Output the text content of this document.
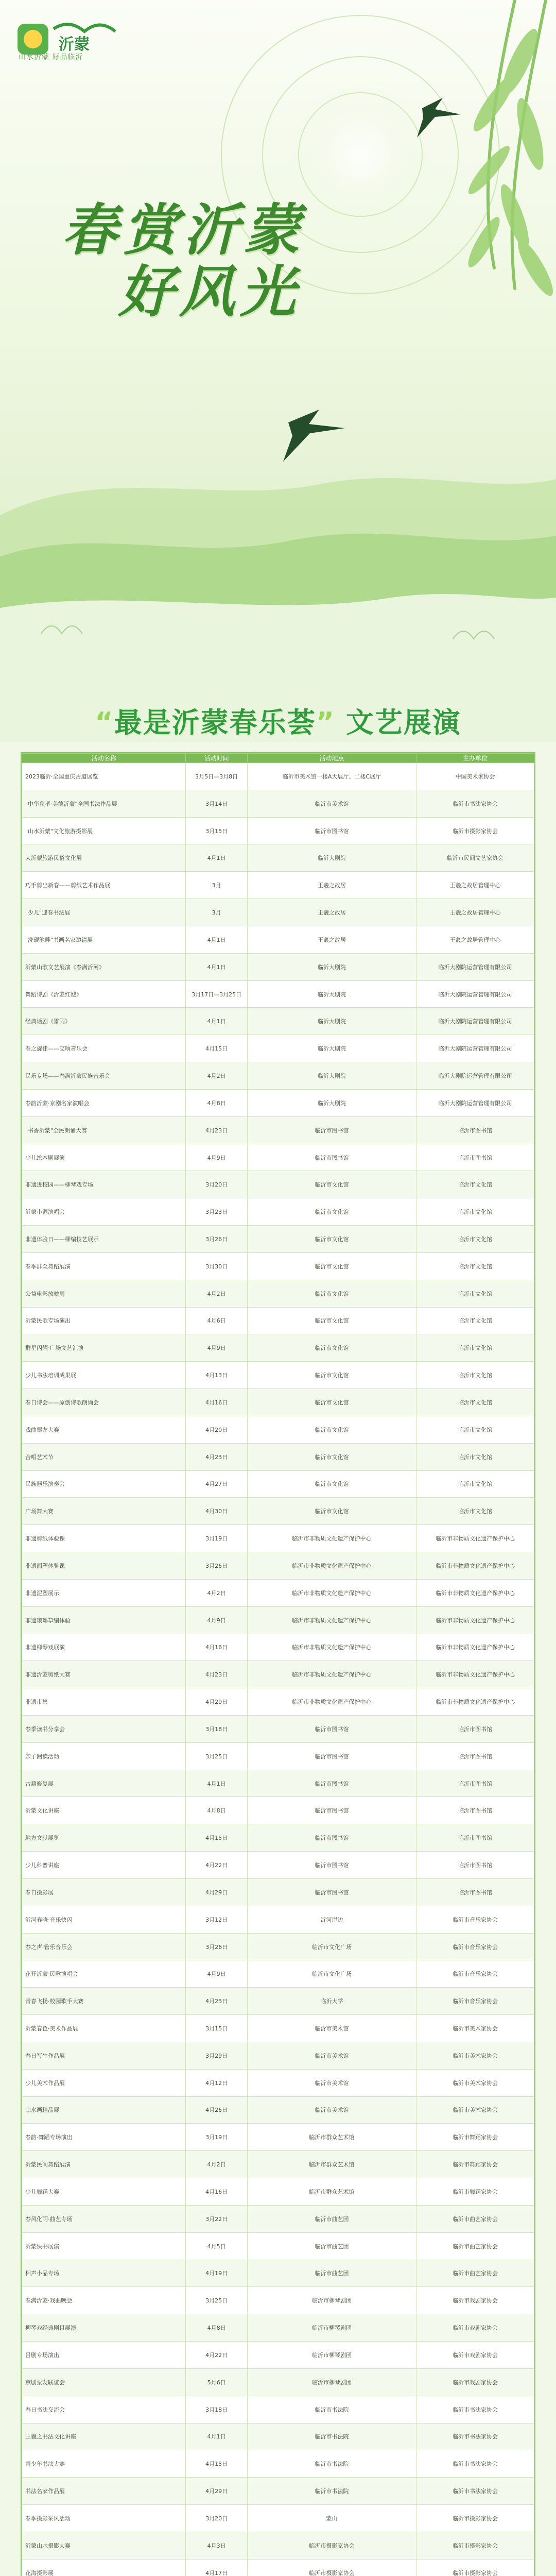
沂蒙
山水沂蒙 好品临沂
春赏沂蒙
好风光
“最是沂蒙春乐荟” 文艺展演
活动名称	活动时间	活动地点	主办单位
2023临沂·全国重庆古道展览	3月5日—3月8日	临沂市美术馆一楼A大展厅、二楼C展厅	中国美术家协会
"中华慈孝·美德沂蒙"全国书法作品展	3月14日	临沂市美术馆	临沂市书法家协会
"山水沂蒙"文化旅游摄影展	3月15日	临沂市图书馆	临沂市摄影家协会
大沂蒙旅游民俗文化展	4月1日	临沂大剧院	临沂市民间文艺家协会
巧手剪出新春——剪纸艺术作品展	3月	王羲之故居	王羲之故居管理中心
"少儿"迎春书法展	3月	王羲之故居	王羲之故居管理中心
"洗砚池畔"书画名家邀请展	4月1日	王羲之故居	王羲之故居管理中心
沂蒙山歌文艺展演《春满沂河》	4月1日	临沂大剧院	临沂大剧院运营管理有限公司
舞蹈诗剧《沂蒙红嫂》	3月17日—3月25日	临沂大剧院	临沂大剧院运营管理有限公司
经典话剧《雷雨》	4月1日	临沂大剧院	临沂大剧院运营管理有限公司
春之旋律——交响音乐会	4月15日	临沂大剧院	临沂大剧院运营管理有限公司
民乐专场——春满沂蒙民族音乐会	4月2日	临沂大剧院	临沂大剧院运营管理有限公司
春韵沂蒙·京剧名家演唱会	4月8日	临沂大剧院	临沂大剧院运营管理有限公司
"书香沂蒙"全民朗诵大赛	4月23日	临沂市图书馆	临沂市图书馆
少儿绘本剧展演	4月9日	临沂市图书馆	临沂市图书馆
非遗进校园——柳琴戏专场	3月20日	临沂市文化馆	临沂市文化馆
沂蒙小调演唱会	3月23日	临沂市文化馆	临沂市文化馆
非遗体验日——柳编技艺展示	3月26日	临沂市文化馆	临沂市文化馆
春季群众舞蹈展演	3月30日	临沂市文化馆	临沂市文化馆
公益电影放映周	4月2日	临沂市文化馆	临沂市文化馆
沂蒙民歌专场演出	4月6日	临沂市文化馆	临沂市文化馆
群星闪耀·广场文艺汇演	4月9日	临沂市文化馆	临沂市文化馆
少儿书法培训成果展	4月13日	临沂市文化馆	临沂市文化馆
春日诗会——原创诗歌朗诵会	4月16日	临沂市文化馆	临沂市文化馆
戏曲票友大赛	4月20日	临沂市文化馆	临沂市文化馆
合唱艺术节	4月23日	临沂市文化馆	临沂市文化馆
民族器乐演奏会	4月27日	临沂市文化馆	临沂市文化馆
广场舞大赛	4月30日	临沂市文化馆	临沂市文化馆
非遗剪纸体验课	3月19日	临沂市非物质文化遗产保护中心	临沂市非物质文化遗产保护中心
非遗面塑体验课	3月26日	临沂市非物质文化遗产保护中心	临沂市非物质文化遗产保护中心
非遗泥塑展示	4月2日	临沂市非物质文化遗产保护中心	临沂市非物质文化遗产保护中心
非遗琅琊草编体验	4月9日	临沂市非物质文化遗产保护中心	临沂市非物质文化遗产保护中心
非遗柳琴戏展演	4月16日	临沂市非物质文化遗产保护中心	临沂市非物质文化遗产保护中心
非遗沂蒙剪纸大赛	4月23日	临沂市非物质文化遗产保护中心	临沂市非物质文化遗产保护中心
非遗市集	4月29日	临沂市非物质文化遗产保护中心	临沂市非物质文化遗产保护中心
春季读书分享会	3月18日	临沂市图书馆	临沂市图书馆
亲子阅读活动	3月25日	临沂市图书馆	临沂市图书馆
古籍修复展	4月1日	临沂市图书馆	临沂市图书馆
沂蒙文化讲座	4月8日	临沂市图书馆	临沂市图书馆
地方文献展览	4月15日	临沂市图书馆	临沂市图书馆
少儿科普讲座	4月22日	临沂市图书馆	临沂市图书馆
春日摄影展	4月29日	临沂市图书馆	临沂市图书馆
沂河春晓·音乐快闪	3月12日	沂河岸边	临沂市音乐家协会
春之声·管乐音乐会	3月26日	临沂市文化广场	临沂市音乐家协会
花开沂蒙·民歌演唱会	4月9日	临沂市文化广场	临沂市音乐家协会
青春飞扬·校园歌手大赛	4月23日	临沂大学	临沂市音乐家协会
沂蒙春色·美术作品展	3月15日	临沂市美术馆	临沂市美术家协会
春日写生作品展	3月29日	临沂市美术馆	临沂市美术家协会
少儿美术作品展	4月12日	临沂市美术馆	临沂市美术家协会
山水画精品展	4月26日	临沂市美术馆	临沂市美术家协会
春韵·舞蹈专场演出	3月19日	临沂市群众艺术馆	临沂市舞蹈家协会
沂蒙民间舞蹈展演	4月2日	临沂市群众艺术馆	临沂市舞蹈家协会
少儿舞蹈大赛	4月16日	临沂市群众艺术馆	临沂市舞蹈家协会
春风化雨·曲艺专场	3月22日	临沂市曲艺团	临沂市曲艺家协会
沂蒙快书展演	4月5日	临沂市曲艺团	临沂市曲艺家协会
相声小品专场	4月19日	临沂市曲艺团	临沂市曲艺家协会
春满沂蒙·戏曲晚会	3月25日	临沂市柳琴剧团	临沂市戏剧家协会
柳琴戏经典剧目展演	4月8日	临沂市柳琴剧团	临沂市戏剧家协会
吕剧专场演出	4月22日	临沂市柳琴剧团	临沂市戏剧家协会
京剧票友联谊会	5月6日	临沂市柳琴剧团	临沂市戏剧家协会
春日书法交流会	3月18日	临沂市书法院	临沂市书法家协会
王羲之书法文化讲座	4月1日	临沂市书法院	临沂市书法家协会
青少年书法大赛	4月15日	临沂市书法院	临沂市书法家协会
书法名家作品展	4月29日	临沂市书法院	临沂市书法家协会
春季摄影采风活动	3月20日	蒙山	临沂市摄影家协会
沂蒙山水摄影大赛	4月3日	临沂市摄影家协会	临沂市摄影家协会
花海摄影展	4月17日	临沂市摄影家协会	临沂市摄影家协会
